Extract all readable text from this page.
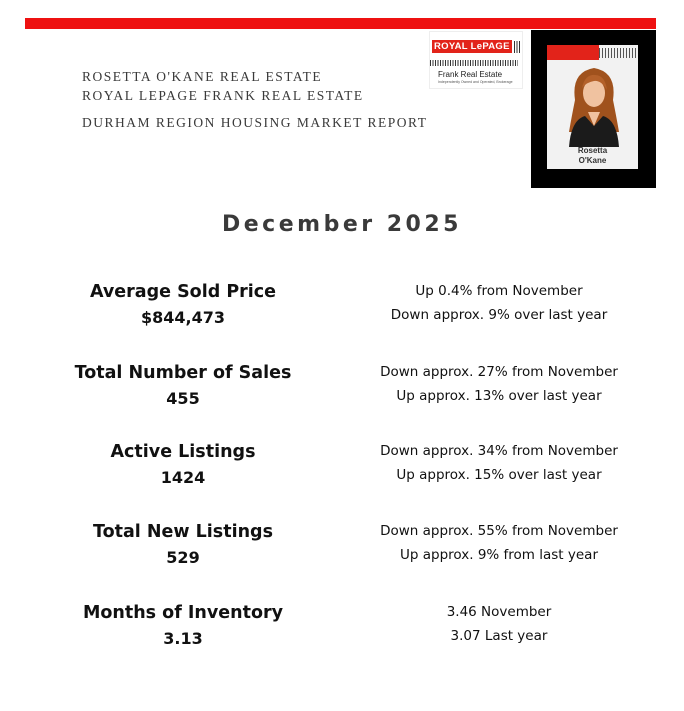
ROSETTA O'KANE REAL ESTATE
ROYAL LEPAGE FRANK REAL ESTATE
DURHAM REGION HOUSING MARKET REPORT
ROYAL LePAGE
Frank Real Estate
Independently Owned and Operated, Brokerage
Rosetta
O'Kane
December 2025
Average Sold Price
$844,473
Up 0.4% from November
Down approx. 9% over last year
Total Number of Sales
455
Down approx. 27% from November
Up approx. 13% over last year
Active Listings
1424
Down approx. 34% from November
Up approx. 15% over last year
Total New Listings
529
Down approx. 55% from November
Up approx. 9% from last year
Months of Inventory
3.13
3.46 November
3.07 Last year
